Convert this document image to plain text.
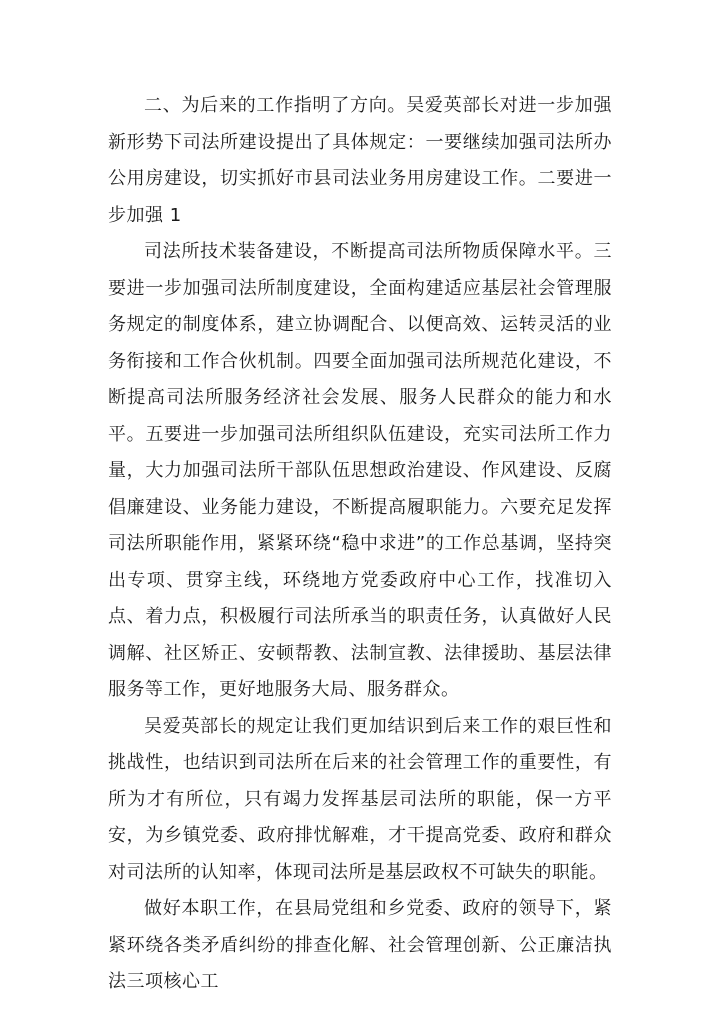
二、为后来的工作指明了方向。吴爱英部长对进一步加强新形势下司法所建设提出了具体规定：一要继续加强司法所办公用房建设，切实抓好市县司法业务用房建设工作。二要进一步加强 1

司法所技术装备建设，不断提高司法所物质保障水平。三要进一步加强司法所制度建设，全面构建适应基层社会管理服务规定的制度体系，建立协调配合、以便高效、运转灵活的业务衔接和工作合伙机制。四要全面加强司法所规范化建设，不断提高司法所服务经济社会发展、服务人民群众的能力和水平。五要进一步加强司法所组织队伍建设，充实司法所工作力量，大力加强司法所干部队伍思想政治建设、作风建设、反腐倡廉建设、业务能力建设，不断提高履职能力。六要充足发挥司法所职能作用，紧紧环绕“稳中求进”的工作总基调，坚持突出专项、贯穿主线，环绕地方党委政府中心工作，找准切入点、着力点，积极履行司法所承当的职责任务，认真做好人民调解、社区矫正、安顿帮教、法制宣教、法律援助、基层法律服务等工作，更好地服务大局、服务群众。

吴爱英部长的规定让我们更加结识到后来工作的艰巨性和挑战性，也结识到司法所在后来的社会管理工作的重要性，有所为才有所位，只有竭力发挥基层司法所的职能，保一方平安，为乡镇党委、政府排忧解难，才干提高党委、政府和群众对司法所的认知率，体现司法所是基层政权不可缺失的职能。

做好本职工作，在县局党组和乡党委、政府的领导下，紧紧环绕各类矛盾纠纷的排查化解、社会管理创新、公正廉洁执法三项核心工
